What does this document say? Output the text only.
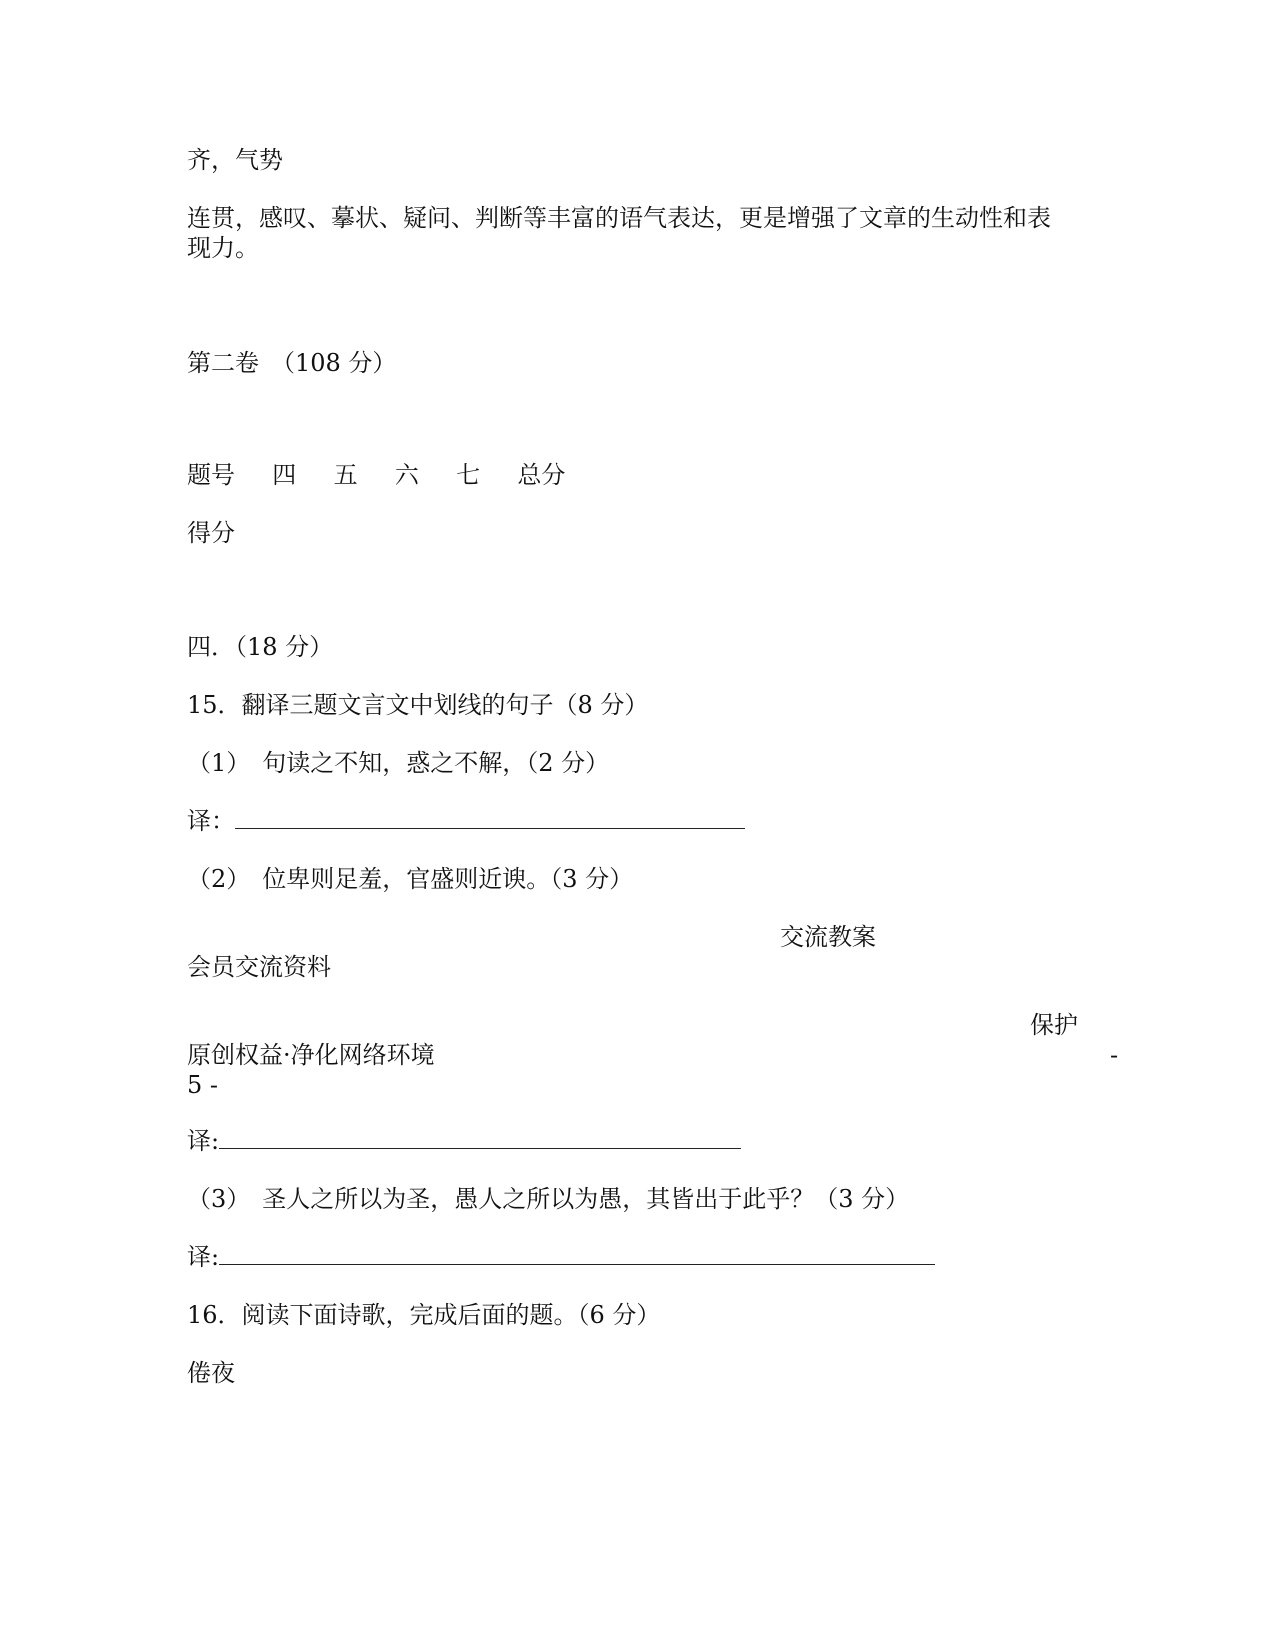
齐，气势
连贯，感叹、摹状、疑问、判断等丰富的语气表达，更是增强了文章的生动性和表
现力。
第二卷　（108 分）
题号 四 五 六 七 总分
得分
四．（18 分）
15．翻译三题文言文中划线的句子（8 分）
（1）　句读之不知，惑之不解，（2 分）
译：
（2）　位卑则足羞，官盛则近谀。（3 分）
交流教案
会员交流资料
保护
原创权益·净化网络环境	-
5 -
译:
（3）　圣人之所以为圣，愚人之所以为愚，其皆出于此乎？（3 分）
译:
16．阅读下面诗歌，完成后面的题。（6 分）
倦夜
